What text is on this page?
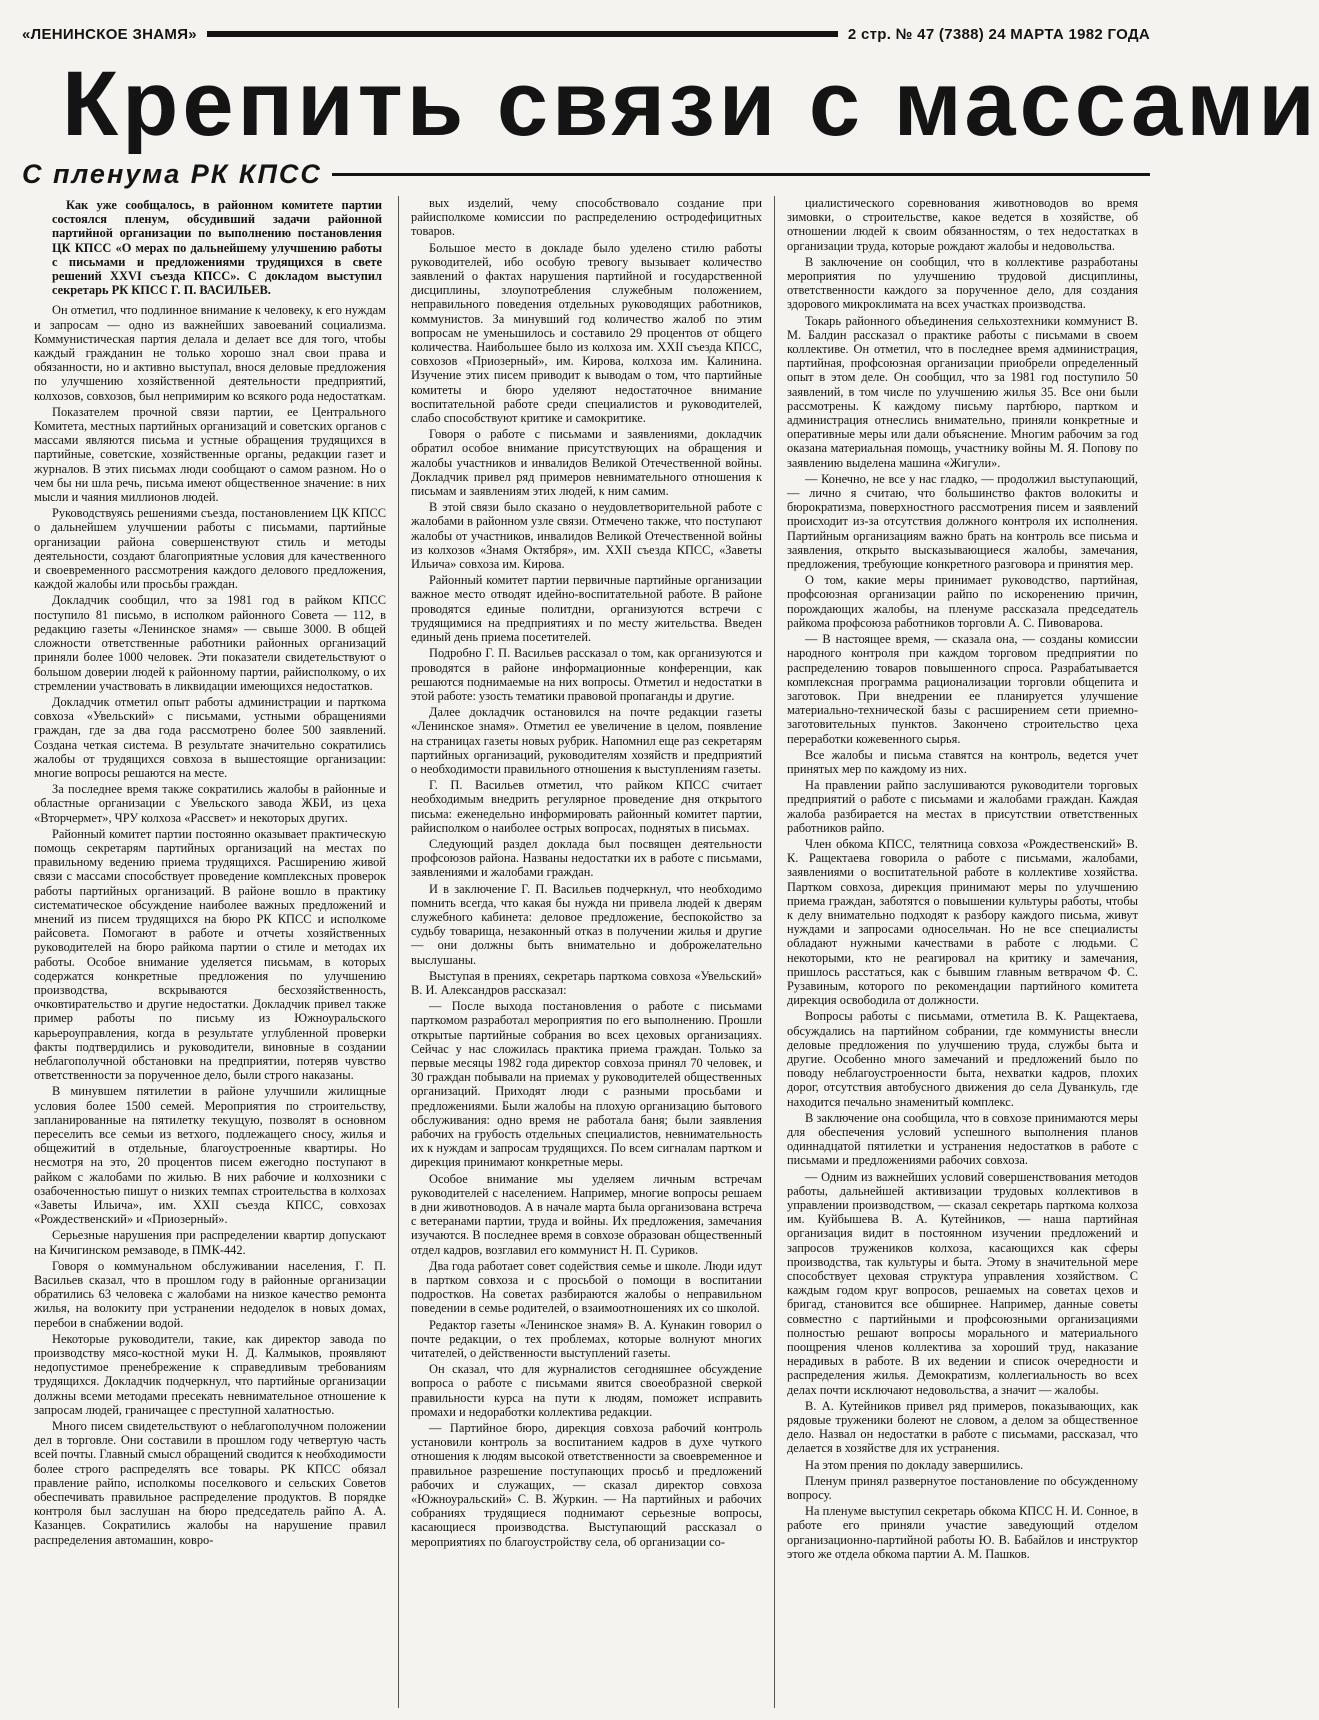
«ЛЕНИНСКОЕ ЗНАМЯ»	2 стр. № 47 (7388) 24 МАРТА 1982 ГОДА
Крепить связи с массами
С пленума РК КПСС

Как уже сообщалось, в районном комитете партии состоялся пленум, обсудивший задачи районной партийной организации по выполнению постановления ЦК КПСС «О мерах по дальнейшему улучшению работы с письмами и предложениями трудящихся в свете решений XXVI съезда КПСС». С докладом выступил секретарь РК КПСС Г. П. ВАСИЛЬЕВ.

Он отметил, что подлинное внимание к человеку, к его нуждам и запросам — одно из важнейших завоеваний социализма. Коммунистическая партия делала и делает все для того, чтобы каждый гражданин не только хорошо знал свои права и обязанности, но и активно выступал, внося деловые предложения по улучшению хозяйственной деятельности предприятий, колхозов, совхозов, был непримирим ко всякого рода недостаткам.

Показателем прочной связи партии, ее Центрального Комитета, местных партийных организаций и советских органов с массами являются письма и устные обращения трудящихся в партийные, советские, хозяйственные органы, редакции газет и журналов. В этих письмах люди сообщают о самом разном. Но о чем бы ни шла речь, письма имеют общественное значение: в них мысли и чаяния миллионов людей.

Руководствуясь решениями съезда, постановлением ЦК КПСС о дальнейшем улучшении работы с письмами, партийные организации района совершенствуют стиль и методы деятельности, создают благоприятные условия для качественного и своевременного рассмотрения каждого делового предложения, каждой жалобы или просьбы граждан.

Докладчик сообщил, что за 1981 год в райком КПСС поступило 81 письмо, в исполком районного Совета — 112, в редакцию газеты «Ленинское знамя» — свыше 3000. В общей сложности ответственные работники районных организаций приняли более 1000 человек. Эти показатели свидетельствуют о большом доверии людей к районному партии, райисполкому, о их стремлении участвовать в ликвидации имеющихся недостатков.

Докладчик отметил опыт работы администрации и парткома совхоза «Увельский» с письмами, устными обращениями граждан, где за два года рассмотрено более 500 заявлений. Создана четкая система. В результате значительно сократились жалобы от трудящихся совхоза в вышестоящие организации: многие вопросы решаются на месте.

За последнее время также сократились жалобы в районные и областные организации с Увельского завода ЖБИ, из цеха «Вторчермет», ЧРУ колхоза «Рассвет» и некоторых других.

Районный комитет партии постоянно оказывает практическую помощь секретарям партийных организаций на местах по правильному ведению приема трудящихся. Расширению живой связи с массами способствует проведение комплексных проверок работы партийных организаций. В районе вошло в практику систематическое обсуждение наиболее важных предложений и мнений из писем трудящихся на бюро РК КПСС и исполкоме райсовета. Помогают в работе и отчеты хозяйственных руководителей на бюро райкома партии о стиле и методах их работы. Особое внимание уделяется письмам, в которых содержатся конкретные предложения по улучшению производства, вскрываются бесхозяйственность, очковтирательство и другие недостатки. Докладчик привел также пример работы по письму из Южноуральского карьероуправления, когда в результате углубленной проверки факты подтвердились и руководители, виновные в создании неблагополучной обстановки на предприятии, потеряв чувство ответственности за порученное дело, были строго наказаны.

В минувшем пятилетии в районе улучшили жилищные условия более 1500 семей. Мероприятия по строительству, запланированные на пятилетку текущую, позволят в основном переселить все семьи из ветхого, подлежащего сносу, жилья и общежитий в отдельные, благоустроенные квартиры. Но несмотря на это, 20 процентов писем ежегодно поступают в райком с жалобами по жилью. В них рабочие и колхозники с озабоченностью пишут о низких темпах строительства в колхозах «Заветы Ильича», им. XXII съезда КПСС, совхозах «Рождественский» и «Приозерный».

Серьезные нарушения при распределении квартир допускают на Кичигинском ремзаводе, в ПМК-442.

Говоря о коммунальном обслуживании населения, Г. П. Васильев сказал, что в прошлом году в районные организации обратились 63 человека с жалобами на низкое качество ремонта жилья, на волокиту при устранении недоделок в новых домах, перебои в снабжении водой.

Некоторые руководители, такие, как директор завода по производству мясо-костной муки Н. Д. Калмыков, проявляют недопустимое пренебрежение к справедливым требованиям трудящихся. Докладчик подчеркнул, что партийные организации должны всеми методами пресекать невнимательное отношение к запросам людей, граничащее с преступной халатностью.

Много писем свидетельствуют о неблагополучном положении дел в торговле. Они составили в прошлом году четвертую часть всей почты. Главный смысл обращений сводится к необходимости более строго распределять все товары. РК КПСС обязал правление райпо, исполкомы поселкового и сельских Советов обеспечивать правильное распределение продуктов. В порядке контроля был заслушан на бюро председатель райпо А. А. Казанцев. Сократились жалобы на нарушение правил распределения автомашин, ковро-

вых изделий, чему способствовало создание при райисполкоме комиссии по распределению остродефицитных товаров.

Большое место в докладе было уделено стилю работы руководителей, ибо особую тревогу вызывает количество заявлений о фактах нарушения партийной и государственной дисциплины, злоупотребления служебным положением, неправильного поведения отдельных руководящих работников, коммунистов. За минувший год количество жалоб по этим вопросам не уменьшилось и составило 29 процентов от общего количества. Наибольшее было из колхоза им. XXII съезда КПСС, совхозов «Приозерный», им. Кирова, колхоза им. Калинина. Изучение этих писем приводит к выводам о том, что партийные комитеты и бюро уделяют недостаточное внимание воспитательной работе среди специалистов и руководителей, слабо способствуют критике и самокритике.

Говоря о работе с письмами и заявлениями, докладчик обратил особое внимание присутствующих на обращения и жалобы участников и инвалидов Великой Отечественной войны. Докладчик привел ряд примеров невнимательного отношения к письмам и заявлениям этих людей, к ним самим.

В этой связи было сказано о неудовлетворительной работе с жалобами в районном узле связи. Отмечено также, что поступают жалобы от участников, инвалидов Великой Отечественной войны из колхозов «Знамя Октября», им. XXII съезда КПСС, «Заветы Ильича» совхоза им. Кирова.

Районный комитет партии первичные партийные организации важное место отводят идейно-воспитательной работе. В районе проводятся единые политдни, организуются встречи с трудящимися на предприятиях и по месту жительства. Введен единый день приема посетителей.

Подробно Г. П. Васильев рассказал о том, как организуются и проводятся в районе информационные конференции, как решаются поднимаемые на них вопросы. Отметил и недостатки в этой работе: узость тематики правовой пропаганды и другие.

Далее докладчик остановился на почте редакции газеты «Ленинское знамя». Отметил ее увеличение в целом, появление на страницах газеты новых рубрик. Напомнил еще раз секретарям партийных организаций, руководителям хозяйств и предприятий о необходимости правильного отношения к выступлениям газеты.

Г. П. Васильев отметил, что райком КПСС считает необходимым внедрить регулярное проведение дня открытого письма: еженедельно информировать районный комитет партии, райисполком о наиболее острых вопросах, поднятых в письмах.

Следующий раздел доклада был посвящен деятельности профсоюзов района. Названы недостатки их в работе с письмами, заявлениями и жалобами граждан.

И в заключение Г. П. Васильев подчеркнул, что необходимо помнить всегда, что какая бы нужда ни привела людей к дверям служебного кабинета: деловое предложение, беспокойство за судьбу товарища, незаконный отказ в получении жилья и другие — они должны быть внимательно и доброжелательно выслушаны.

Выступая в прениях, секретарь парткома совхоза «Увельский» В. И. Александров рассказал:

— После выхода постановления о работе с письмами парткомом разработал мероприятия по его выполнению. Прошли открытые партийные собрания во всех цеховых организациях. Сейчас у нас сложилась практика приема граждан. Только за первые месяцы 1982 года директор совхоза принял 70 человек, и 30 граждан побывали на приемах у руководителей общественных организаций. Приходят люди с разными просьбами и предложениями. Были жалобы на плохую организацию бытового обслуживания: одно время не работала баня; были заявления рабочих на грубость отдельных специалистов, невнимательность их к нуждам и запросам трудящихся. По всем сигналам партком и дирекция принимают конкретные меры.

Особое внимание мы уделяем личным встречам руководителей с населением. Например, многие вопросы решаем в дни животноводов. А в начале марта была организована встреча с ветеранами партии, труда и войны. Их предложения, замечания изучаются. В последнее время в совхозе образован общественный отдел кадров, возглавил его коммунист Н. П. Суриков.

Два года работает совет содействия семье и школе. Люди идут в партком совхоза и с просьбой о помощи в воспитании подростков. На советах разбираются жалобы о неправильном поведении в семье родителей, о взаимоотношениях их со школой.

Редактор газеты «Ленинское знамя» В. А. Кунакин говорил о почте редакции, о тех проблемах, которые волнуют многих читателей, о действенности выступлений газеты.

Он сказал, что для журналистов сегодняшнее обсуждение вопроса о работе с письмами явится своеобразной сверкой правильности курса на пути к людям, поможет исправить промахи и недоработки коллектива редакции.

— Партийное бюро, дирекция совхоза рабочий контроль установили контроль за воспитанием кадров в духе чуткого отношения к людям высокой ответственности за своевременное и правильное разрешение поступающих просьб и предложений рабочих и служащих, — сказал директор совхоза «Южноуральский» С. В. Журкин. — На партийных и рабочих собраниях трудящиеся поднимают серьезные вопросы, касающиеся производства. Выступающий рассказал о мероприятиях по благоустройству села, об организации со-

циалистического соревнования животноводов во время зимовки, о строительстве, какое ведется в хозяйстве, об отношении людей к своим обязанностям, о тех недостатках в организации труда, которые рождают жалобы и недовольства.

В заключение он сообщил, что в коллективе разработаны мероприятия по улучшению трудовой дисциплины, ответственности каждого за порученное дело, для создания здорового микроклимата на всех участках производства.

Токарь районного объединения сельхозтехники коммунист В. М. Балдин рассказал о практике работы с письмами в своем коллективе. Он отметил, что в последнее время администрация, партийная, профсоюзная организации приобрели определенный опыт в этом деле. Он сообщил, что за 1981 год поступило 50 заявлений, в том числе по улучшению жилья 35. Все они были рассмотрены. К каждому письму партбюро, партком и администрация отнеслись внимательно, приняли конкретные и оперативные меры или дали объяснение. Многим рабочим за год оказана материальная помощь, участнику войны М. Я. Попову по заявлению выделена машина «Жигули».

— Конечно, не все у нас гладко, — продолжил выступающий, — лично я считаю, что большинство фактов волокиты и бюрократизма, поверхностного рассмотрения писем и заявлений происходит из-за отсутствия должного контроля их исполнения. Партийным организациям важно брать на контроль все письма и заявления, открыто высказывающиеся жалобы, замечания, предложения, требующие конкретного разговора и принятия мер.

О том, какие меры принимает руководство, партийная, профсоюзная организации райпо по искоренению причин, порождающих жалобы, на пленуме рассказала председатель райкома профсоюза работников торговли А. С. Пивоварова.

— В настоящее время, — сказала она, — созданы комиссии народного контроля при каждом торговом предприятии по распределению товаров повышенного спроса. Разрабатывается комплексная программа рационализации торговли общепита и заготовок. При внедрении ее планируется улучшение материально-технической базы с расширением сети приемно-заготовительных пунктов. Закончено строительство цеха переработки кожевенного сырья.

Все жалобы и письма ставятся на контроль, ведется учет принятых мер по каждому из них.

На правлении райпо заслушиваются руководители торговых предприятий о работе с письмами и жалобами граждан. Каждая жалоба разбирается на местах в присутствии ответственных работников райпо.

Член обкома КПСС, телятница совхоза «Рождественский» В. К. Ращектаева говорила о работе с письмами, жалобами, заявлениями о воспитательной работе в коллективе хозяйства. Партком совхоза, дирекция принимают меры по улучшению приема граждан, заботятся о повышении культуры работы, чтобы к делу внимательно подходят к разбору каждого письма, живут нуждами и запросами односельчан. Но не все специалисты обладают нужными качествами в работе с людьми. С некоторыми, кто не реагировал на критику и замечания, пришлось расстаться, как с бывшим главным ветврачом Ф. С. Рузавиным, которого по рекомендации партийного комитета дирекция освободила от должности.

Вопросы работы с письмами, отметила В. К. Ращектаева, обсуждались на партийном собрании, где коммунисты внесли деловые предложения по улучшению труда, службы быта и другие. Особенно много замечаний и предложений было по поводу неблагоустроенности быта, нехватки кадров, плохих дорог, отсутствия автобусного движения до села Дуванкуль, где находится печально знаменитый комплекс.

В заключение она сообщила, что в совхозе принимаются меры для обеспечения условий успешного выполнения планов одиннадцатой пятилетки и устранения недостатков в работе с письмами и предложениями рабочих совхоза.

— Одним из важнейших условий совершенствования методов работы, дальнейшей активизации трудовых коллективов в управлении производством, — сказал секретарь парткома колхоза им. Куйбышева В. А. Кутейников, — наша партийная организация видит в постоянном изучении предложений и запросов тружеников колхоза, касающихся как сферы производства, так культуры и быта. Этому в значительной мере способствует цеховая структура управления хозяйством. С каждым годом круг вопросов, решаемых на советах цехов и бригад, становится все обширнее. Например, данные советы совместно с партийными и профсоюзными организациями полностью решают вопросы морального и материального поощрения членов коллектива за хороший труд, наказание нерадивых в работе. В их ведении и список очередности и распределения жилья. Демократизм, коллегиальность во всех делах почти исключают недовольства, а значит — жалобы.

В. А. Кутейников привел ряд примеров, показывающих, как рядовые труженики болеют не словом, а делом за общественное дело. Назвал он недостатки в работе с письмами, рассказал, что делается в хозяйстве для их устранения.

На этом прения по докладу завершились.

Пленум принял развернутое постановление по обсужденному вопросу.

На пленуме выступил секретарь обкома КПСС Н. И. Сонное, в работе его приняли участие заведующий отделом организационно-партийной работы Ю. В. Бабайлов и инструктор этого же отдела обкома партии А. М. Пашков.
